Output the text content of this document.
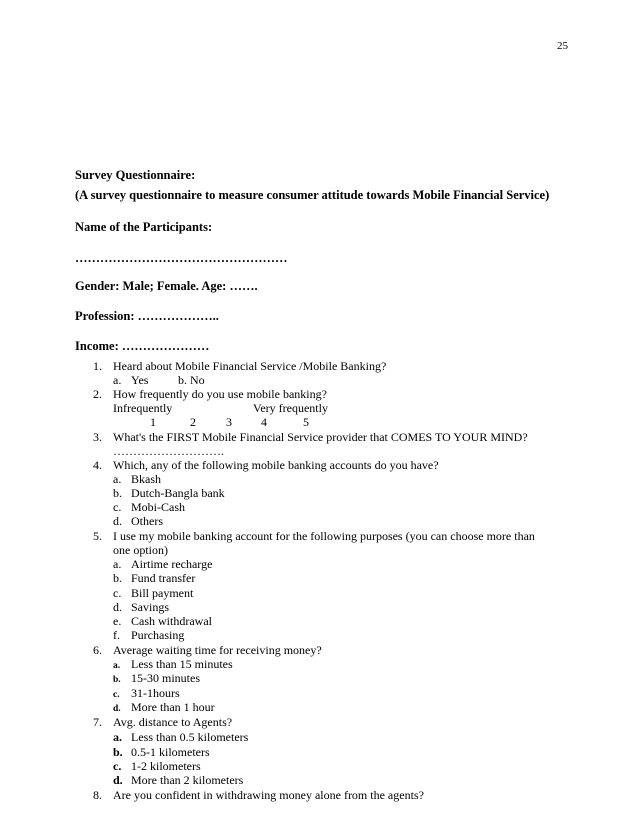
25
Survey Questionnaire:
(A survey questionnaire to measure consumer attitude towards Mobile Financial Service)
Name of the Participants:
……………………………………………
Gender: Male; Female. Age: …….
Profession: ………………..
Income: …………………
1. Heard about Mobile Financial Service /Mobile Banking?
a. Yes b. No
2. How frequently do you use mobile banking?
Infrequently	Very frequently
1	2	3 4	5
3. What's the FIRST Mobile Financial Service provider that COMES TO YOUR MIND?
……………………….
4. Which, any of the following mobile banking accounts do you have?
a. Bkash
b. Dutch-Bangla bank
c. Mobi-Cash
d. Others
5. I use my mobile banking account for the following purposes (you can choose more than
one option)
a. Airtime recharge
b. Fund transfer
c. Bill payment
d. Savings
e. Cash withdrawal
f. Purchasing
6. Average waiting time for receiving money?
a. Less than 15 minutes
b. 15-30 minutes
c. 31-1hours
d. More than 1 hour
7. Avg. distance to Agents?
a. Less than 0.5 kilometers
b. 0.5-1 kilometers
c. 1-2 kilometers
d. More than 2 kilometers
8. Are you confident in withdrawing money alone from the agents?
